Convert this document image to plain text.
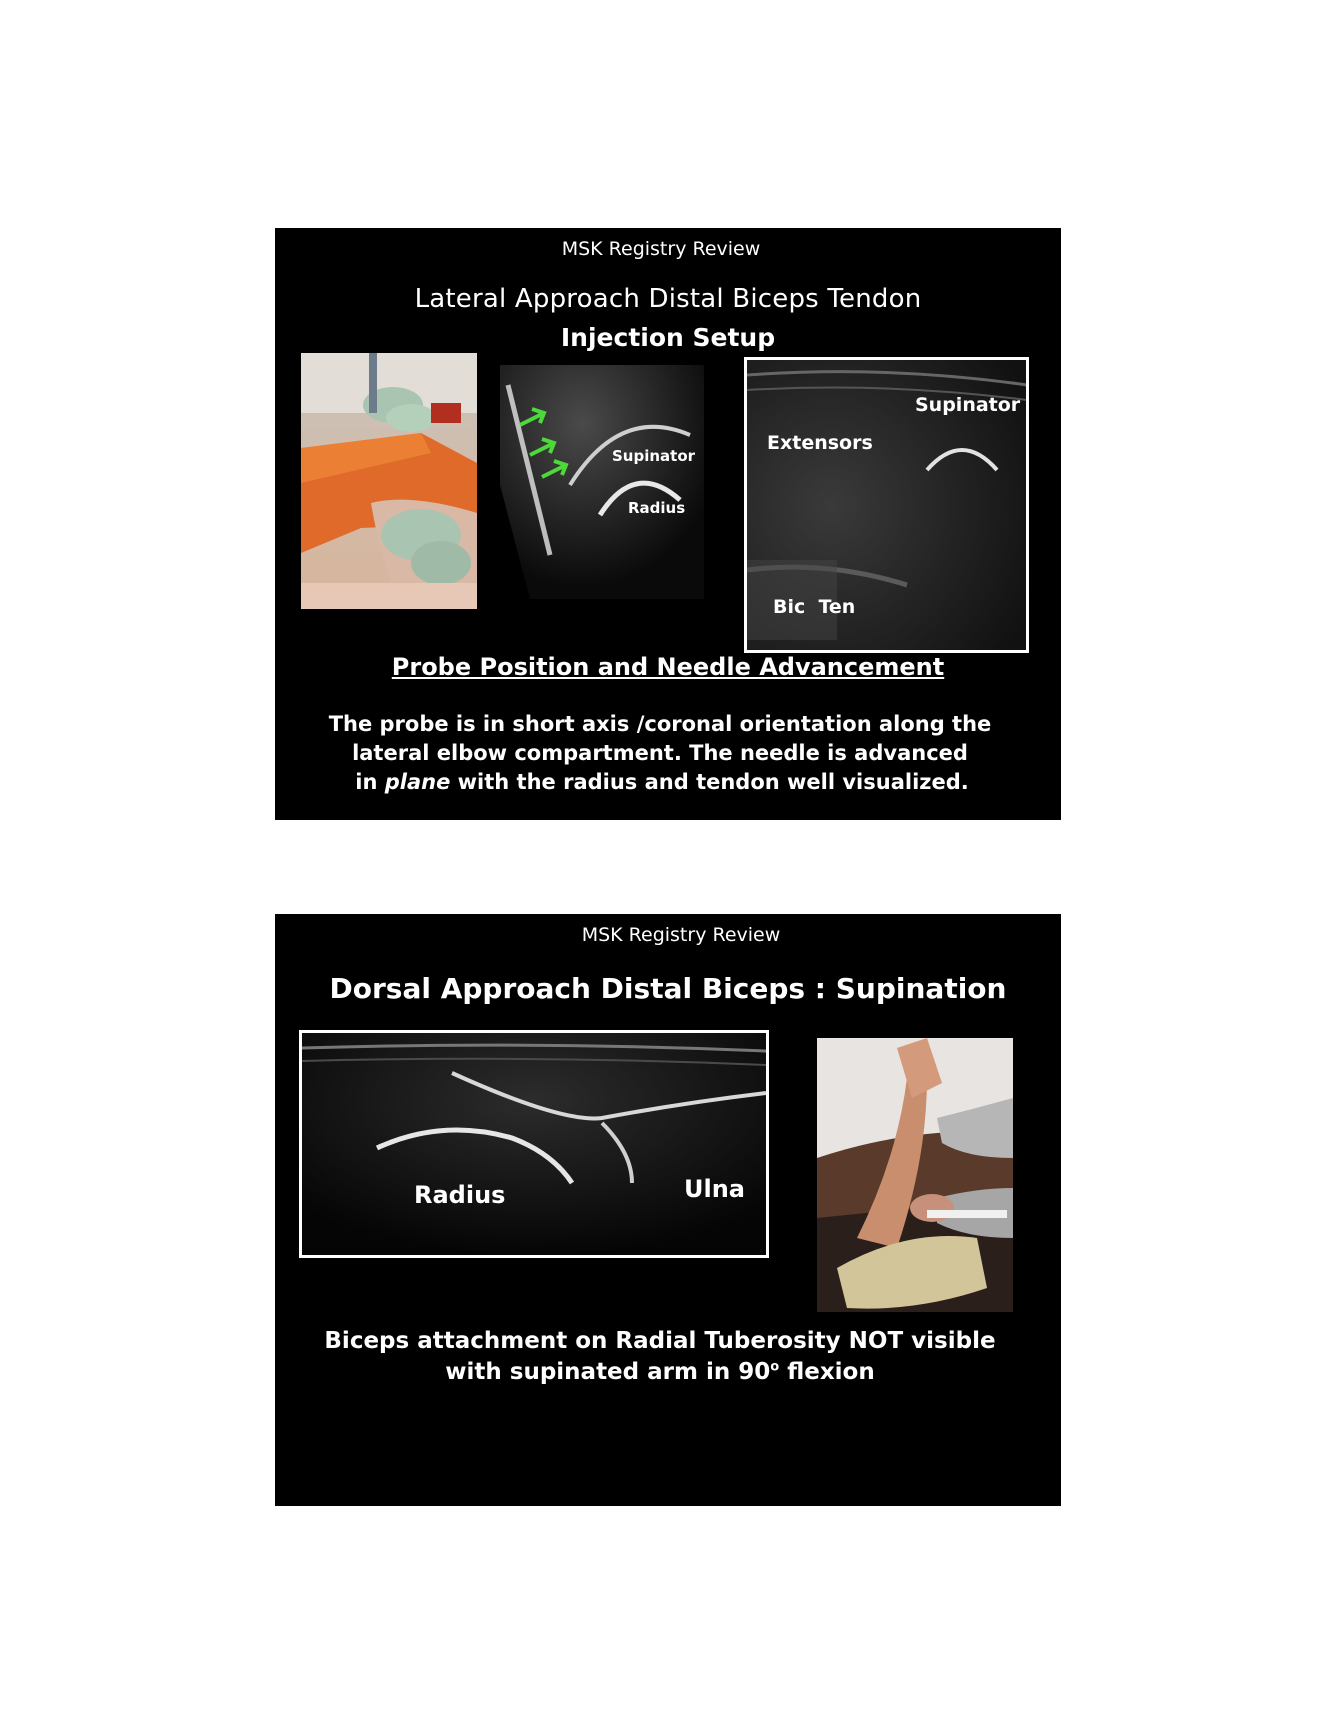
MSK Registry Review
Lateral Approach Distal Biceps Tendon
Injection Setup
Supinator
Radius
Supinator
Extensors
Bic  Ten
Probe Position and Needle Advancement
The probe is in short axis /coronal orientation along the
lateral elbow compartment. The needle is advanced
in plane with the radius and tendon well visualized.
MSK Registry Review
Dorsal Approach Distal Biceps : Supination
Radius	Ulna
Biceps attachment on Radial Tuberosity NOT visible
with supinated arm in 90$^o$ flexion
